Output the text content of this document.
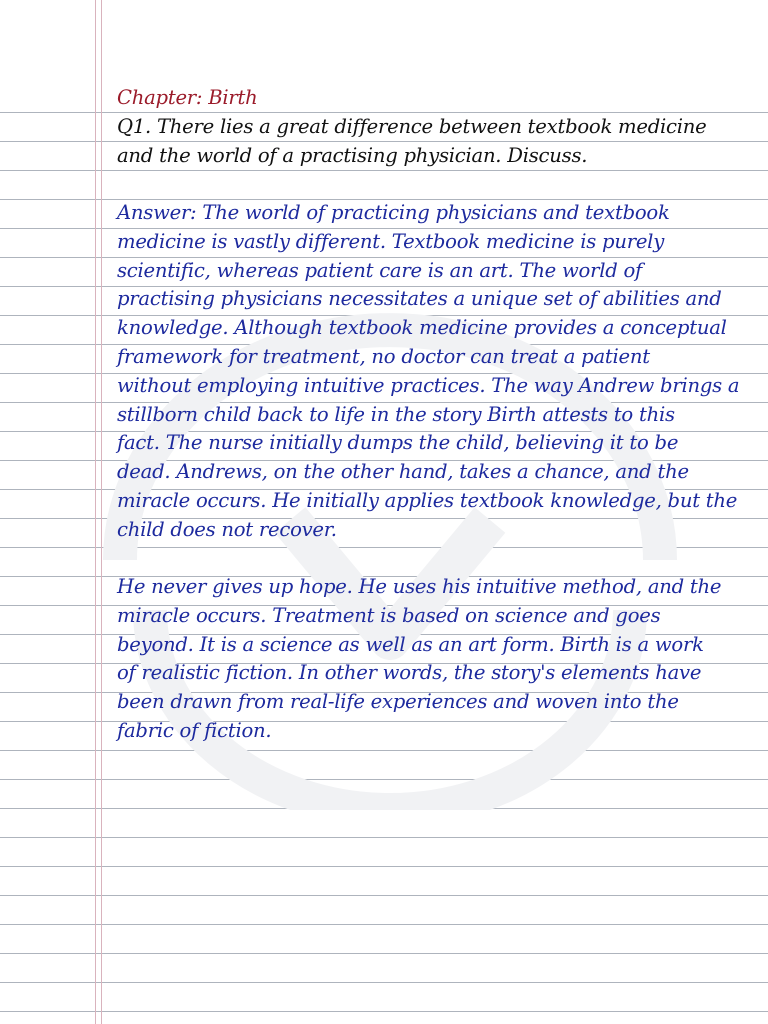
Chapter: Birth
Q1. There lies a great difference between textbook medicine
and the world of a practising physician. Discuss.
Answer: The world of practicing physicians and textbook
medicine is vastly different. Textbook medicine is purely
scientific, whereas patient care is an art. The world of
practising physicians necessitates a unique set of abilities and
knowledge. Although textbook medicine provides a conceptual
framework for treatment, no doctor can treat a patient
without employing intuitive practices. The way Andrew brings a
stillborn child back to life in the story Birth attests to this
fact. The nurse initially dumps the child, believing it to be
dead. Andrews, on the other hand, takes a chance, and the
miracle occurs. He initially applies textbook knowledge, but the
child does not recover.
He never gives up hope. He uses his intuitive method, and the
miracle occurs. Treatment is based on science and goes
beyond. It is a science as well as an art form. Birth is a work
of realistic fiction. In other words, the story's elements have
been drawn from real-life experiences and woven into the
fabric of fiction.
